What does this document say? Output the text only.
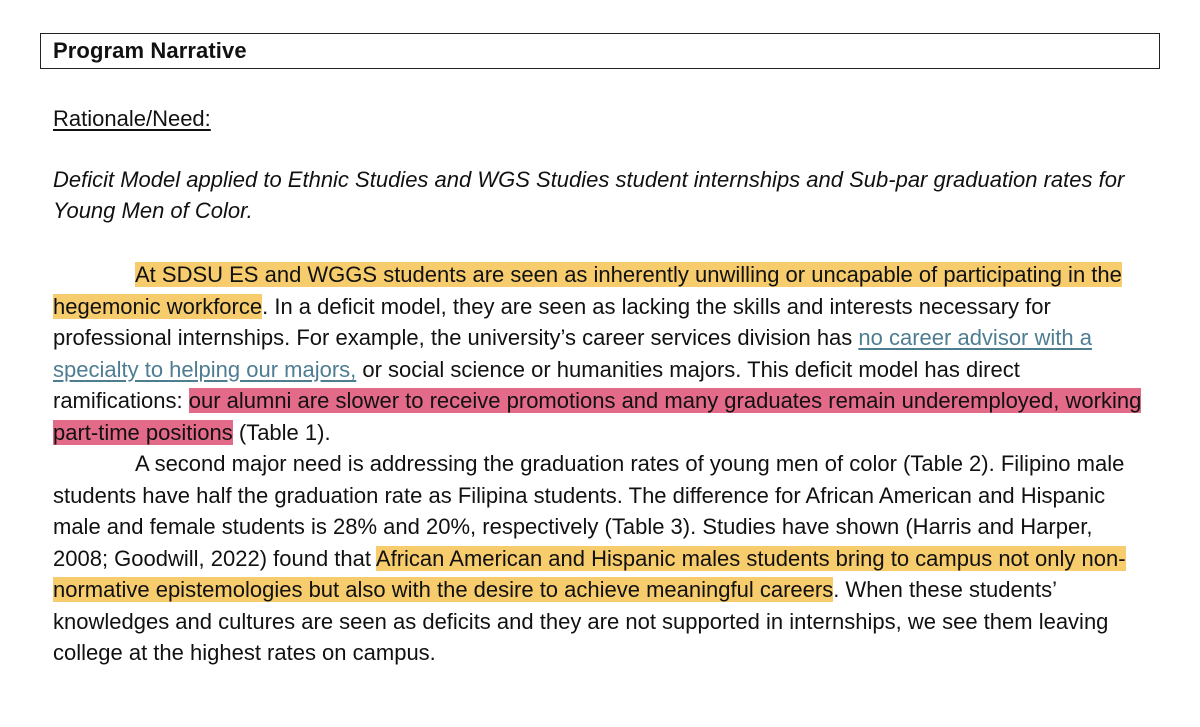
Program Narrative
Rationale/Need:

Deficit Model applied to Ethnic Studies and WGS Studies student internships and Sub-par graduation rates for Young Men of Color.

At SDSU ES and WGGS students are seen as inherently unwilling or uncapable of participating in the hegemonic workforce. In a deficit model, they are seen as lacking the skills and interests necessary for professional internships. For example, the university’s career services division has no career advisor with a specialty to helping our majors, or social science or humanities majors. This deficit model has direct ramifications: our alumni are slower to receive promotions and many graduates remain underemployed, working part-time positions (Table 1).

A second major need is addressing the graduation rates of young men of color (Table 2). Filipino male students have half the graduation rate as Filipina students. The difference for African American and Hispanic male and female students is 28% and 20%, respectively (Table 3). Studies have shown (Harris and Harper, 2008; Goodwill, 2022) found that African American and Hispanic males students bring to campus not only non-normative epistemologies but also with the desire to achieve meaningful careers. When these students’ knowledges and cultures are seen as deficits and they are not supported in internships, we see them leaving college at the highest rates on campus.
